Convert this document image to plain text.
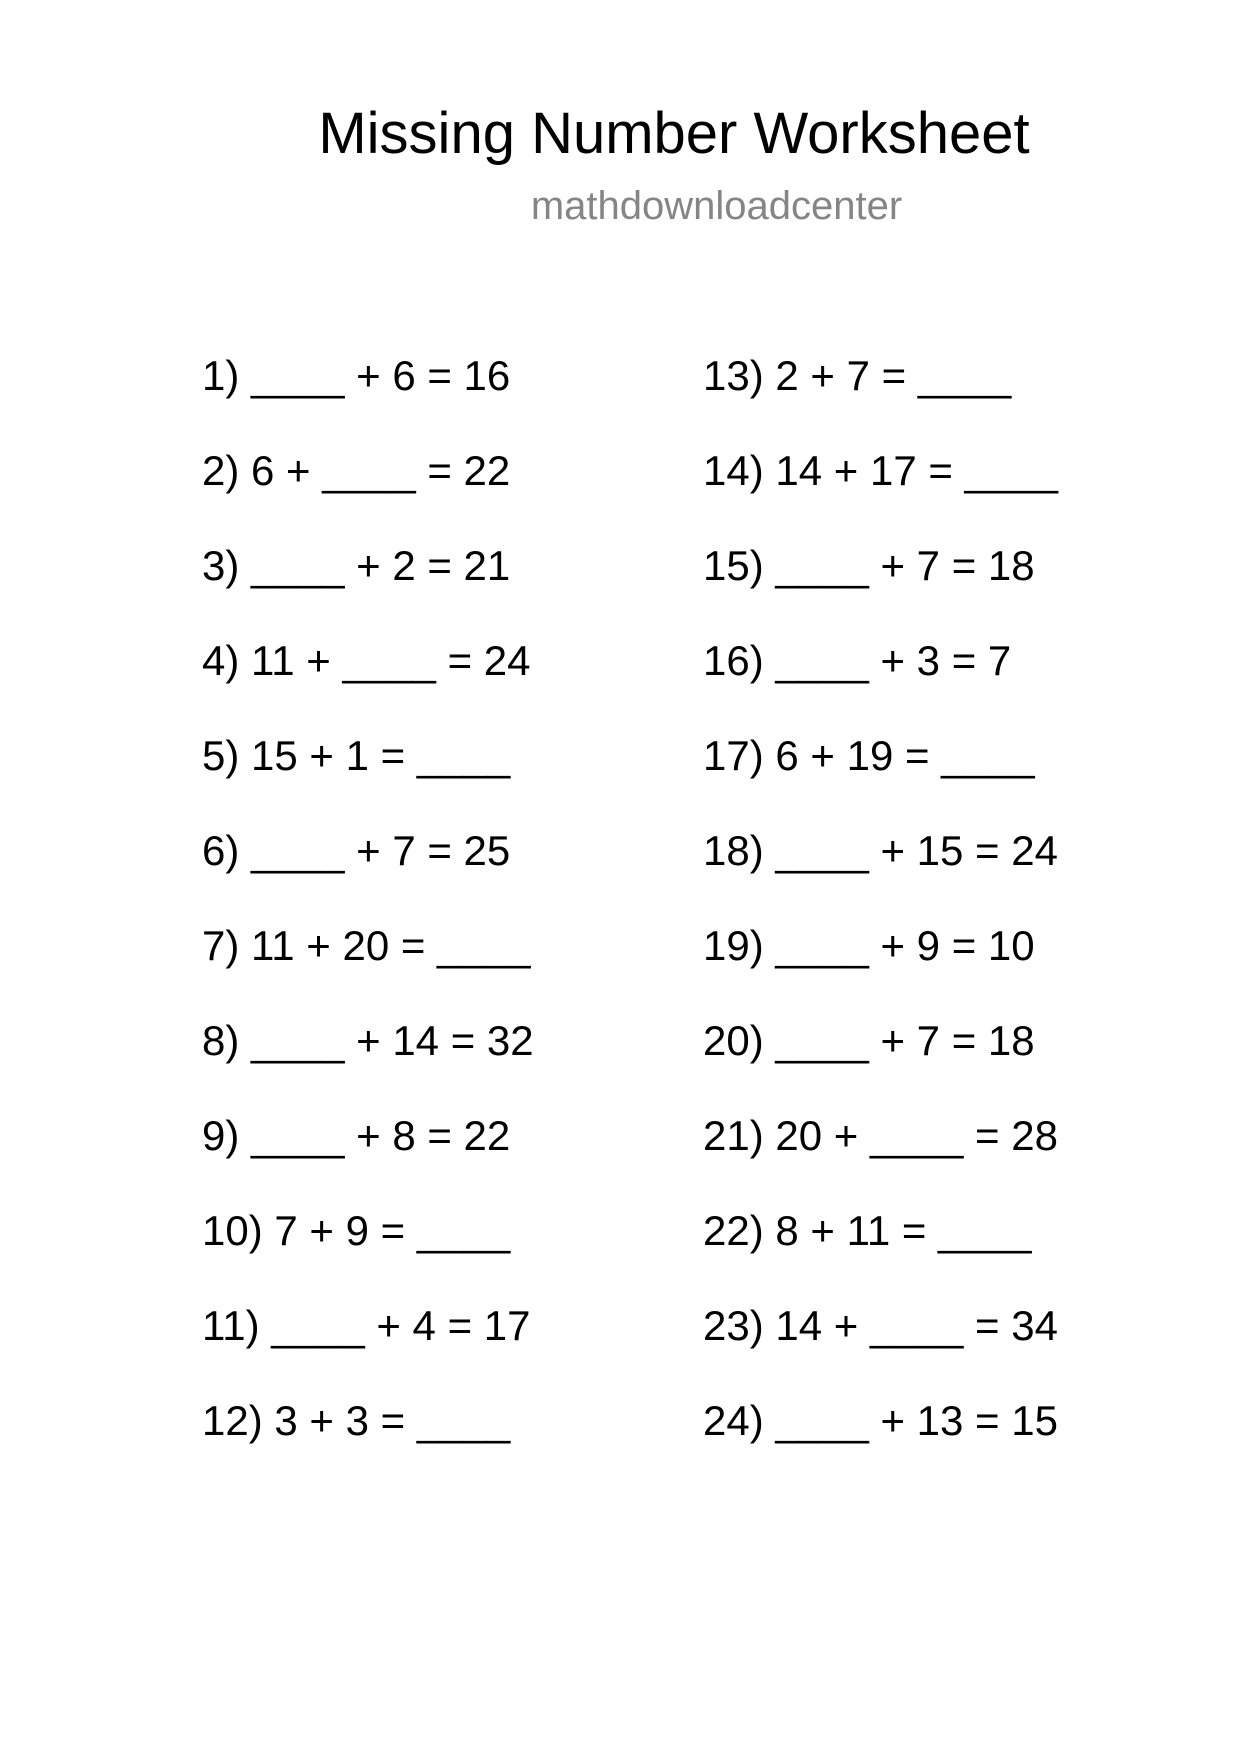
Missing Number Worksheet
mathdownloadcenter
1) ____ + 6 = 16
2) 6 + ____ = 22
3) ____ + 2 = 21
4) 11 + ____ = 24
5) 15 + 1 = ____
6) ____ + 7 = 25
7) 11 + 20 = ____
8) ____ + 14 = 32
9) ____ + 8 = 22
10) 7 + 9 = ____
11) ____ + 4 = 17
12) 3 + 3 = ____
13) 2 + 7 = ____
14) 14 + 17 = ____
15) ____ + 7 = 18
16) ____ + 3 = 7
17) 6 + 19 = ____
18) ____ + 15 = 24
19) ____ + 9 = 10
20) ____ + 7 = 18
21) 20 + ____ = 28
22) 8 + 11 = ____
23) 14 + ____ = 34
24) ____ + 13 = 15
